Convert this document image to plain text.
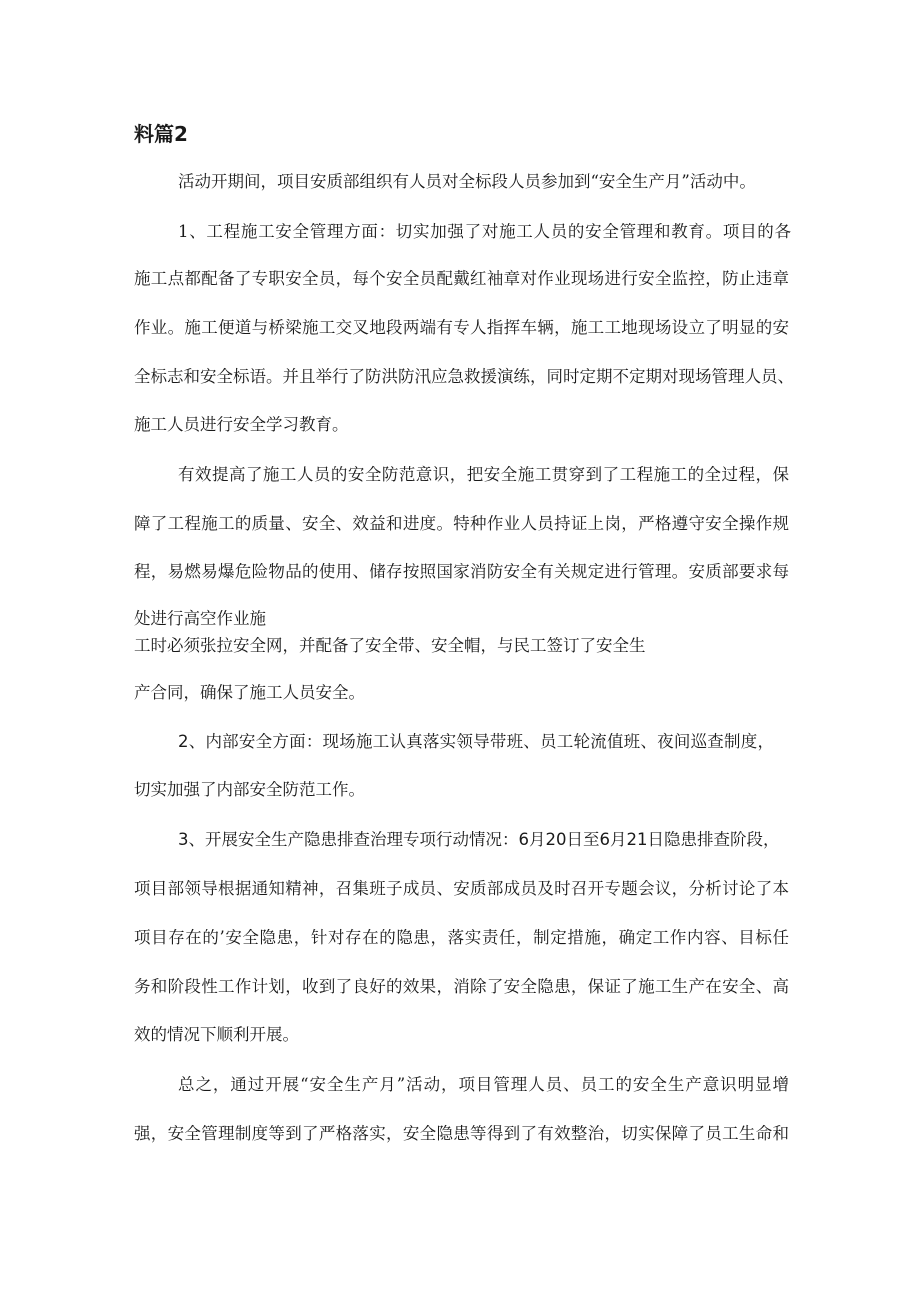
料篇2
活动开期间，项目安质部组织有人员对全标段人员参加到“安全生产月”活动中。
1、工程施工安全管理方面：切实加强了对施工人员的安全管理和教育。项目的各
施工点都配备了专职安全员，每个安全员配戴红袖章对作业现场进行安全监控，防止违章
作业。施工便道与桥梁施工交叉地段两端有专人指挥车辆，施工工地现场设立了明显的安
全标志和安全标语。并且举行了防洪防汛应急救援演练，同时定期不定期对现场管理人员、
施工人员进行安全学习教育。
有效提高了施工人员的安全防范意识，把安全施工贯穿到了工程施工的全过程，保
障了工程施工的质量、安全、效益和进度。特种作业人员持证上岗，严格遵守安全操作规
程，易燃易爆危险物品的使用、储存按照国家消防安全有关规定进行管理。安质部要求每
处进行高空作业施
工时必须张拉安全网，并配备了安全带、安全帽，与民工签订了安全生
产合同，确保了施工人员安全。
2、内部安全方面：现场施工认真落实领导带班、员工轮流值班、夜间巡查制度，
切实加强了内部安全防范工作。
3、开展安全生产隐患排查治理专项行动情况：6月20日至6月21日隐患排查阶段，
项目部领导根据通知精神，召集班子成员、安质部成员及时召开专题会议，分析讨论了本
项目存在的’安全隐患，针对存在的隐患，落实责任，制定措施，确定工作内容、目标任
务和阶段性工作计划，收到了良好的效果，消除了安全隐患，保证了施工生产在安全、高
效的情况下顺利开展。
总之，通过开展“安全生产月”活动，项目管理人员、员工的安全生产意识明显增
强，安全管理制度等到了严格落实，安全隐患等得到了有效整治，切实保障了员工生命和
